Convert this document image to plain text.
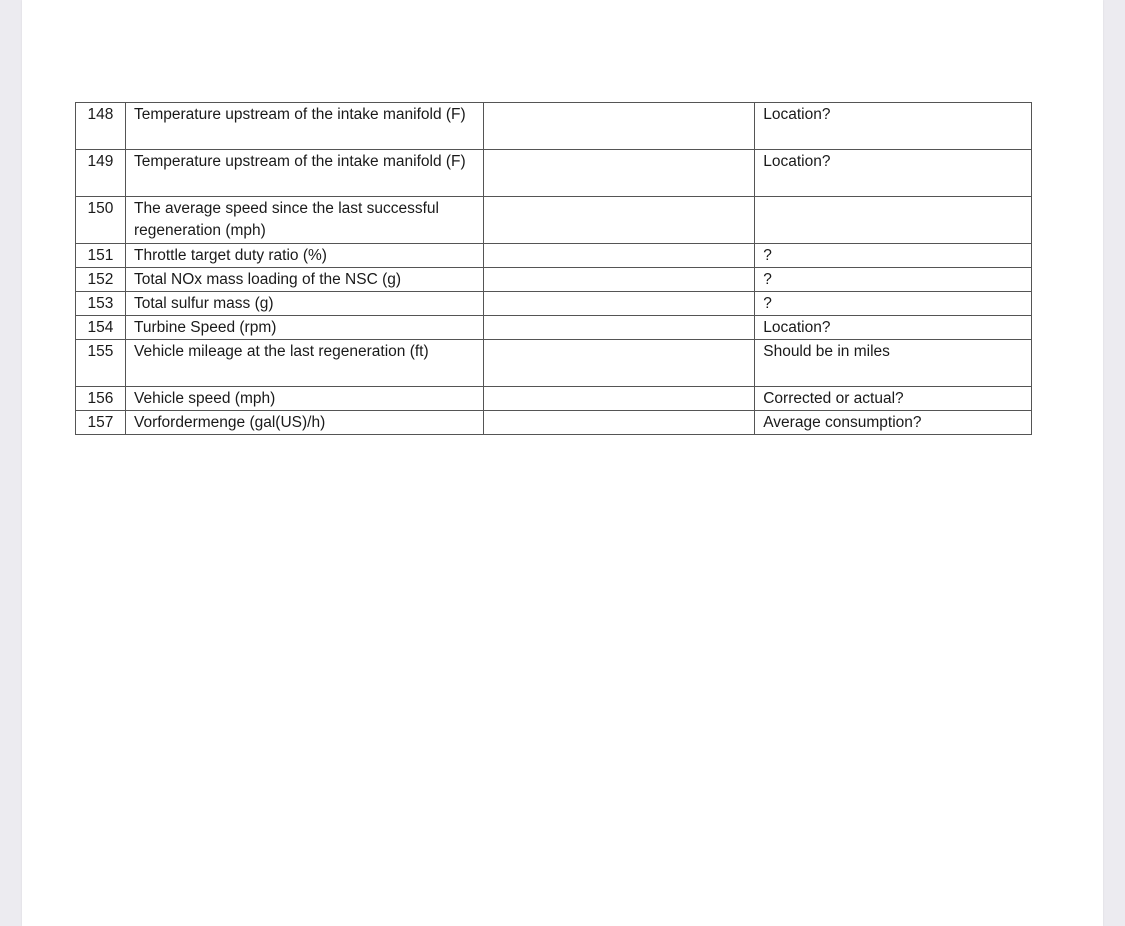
148	Temperature upstream of the intake manifold (F)		Location?
149	Temperature upstream of the intake manifold (F)		Location?
150	The average speed since the last successful regeneration (mph)		
151	Throttle target duty ratio (%)		?
152	Total NOx mass loading of the NSC (g)		?
153	Total sulfur mass (g)		?
154	Turbine Speed (rpm)		Location?
155	Vehicle mileage at the last regeneration (ft)		Should be in miles
156	Vehicle speed (mph)		Corrected or actual?
157	Vorfordermenge (gal(US)/h)		Average consumption?
